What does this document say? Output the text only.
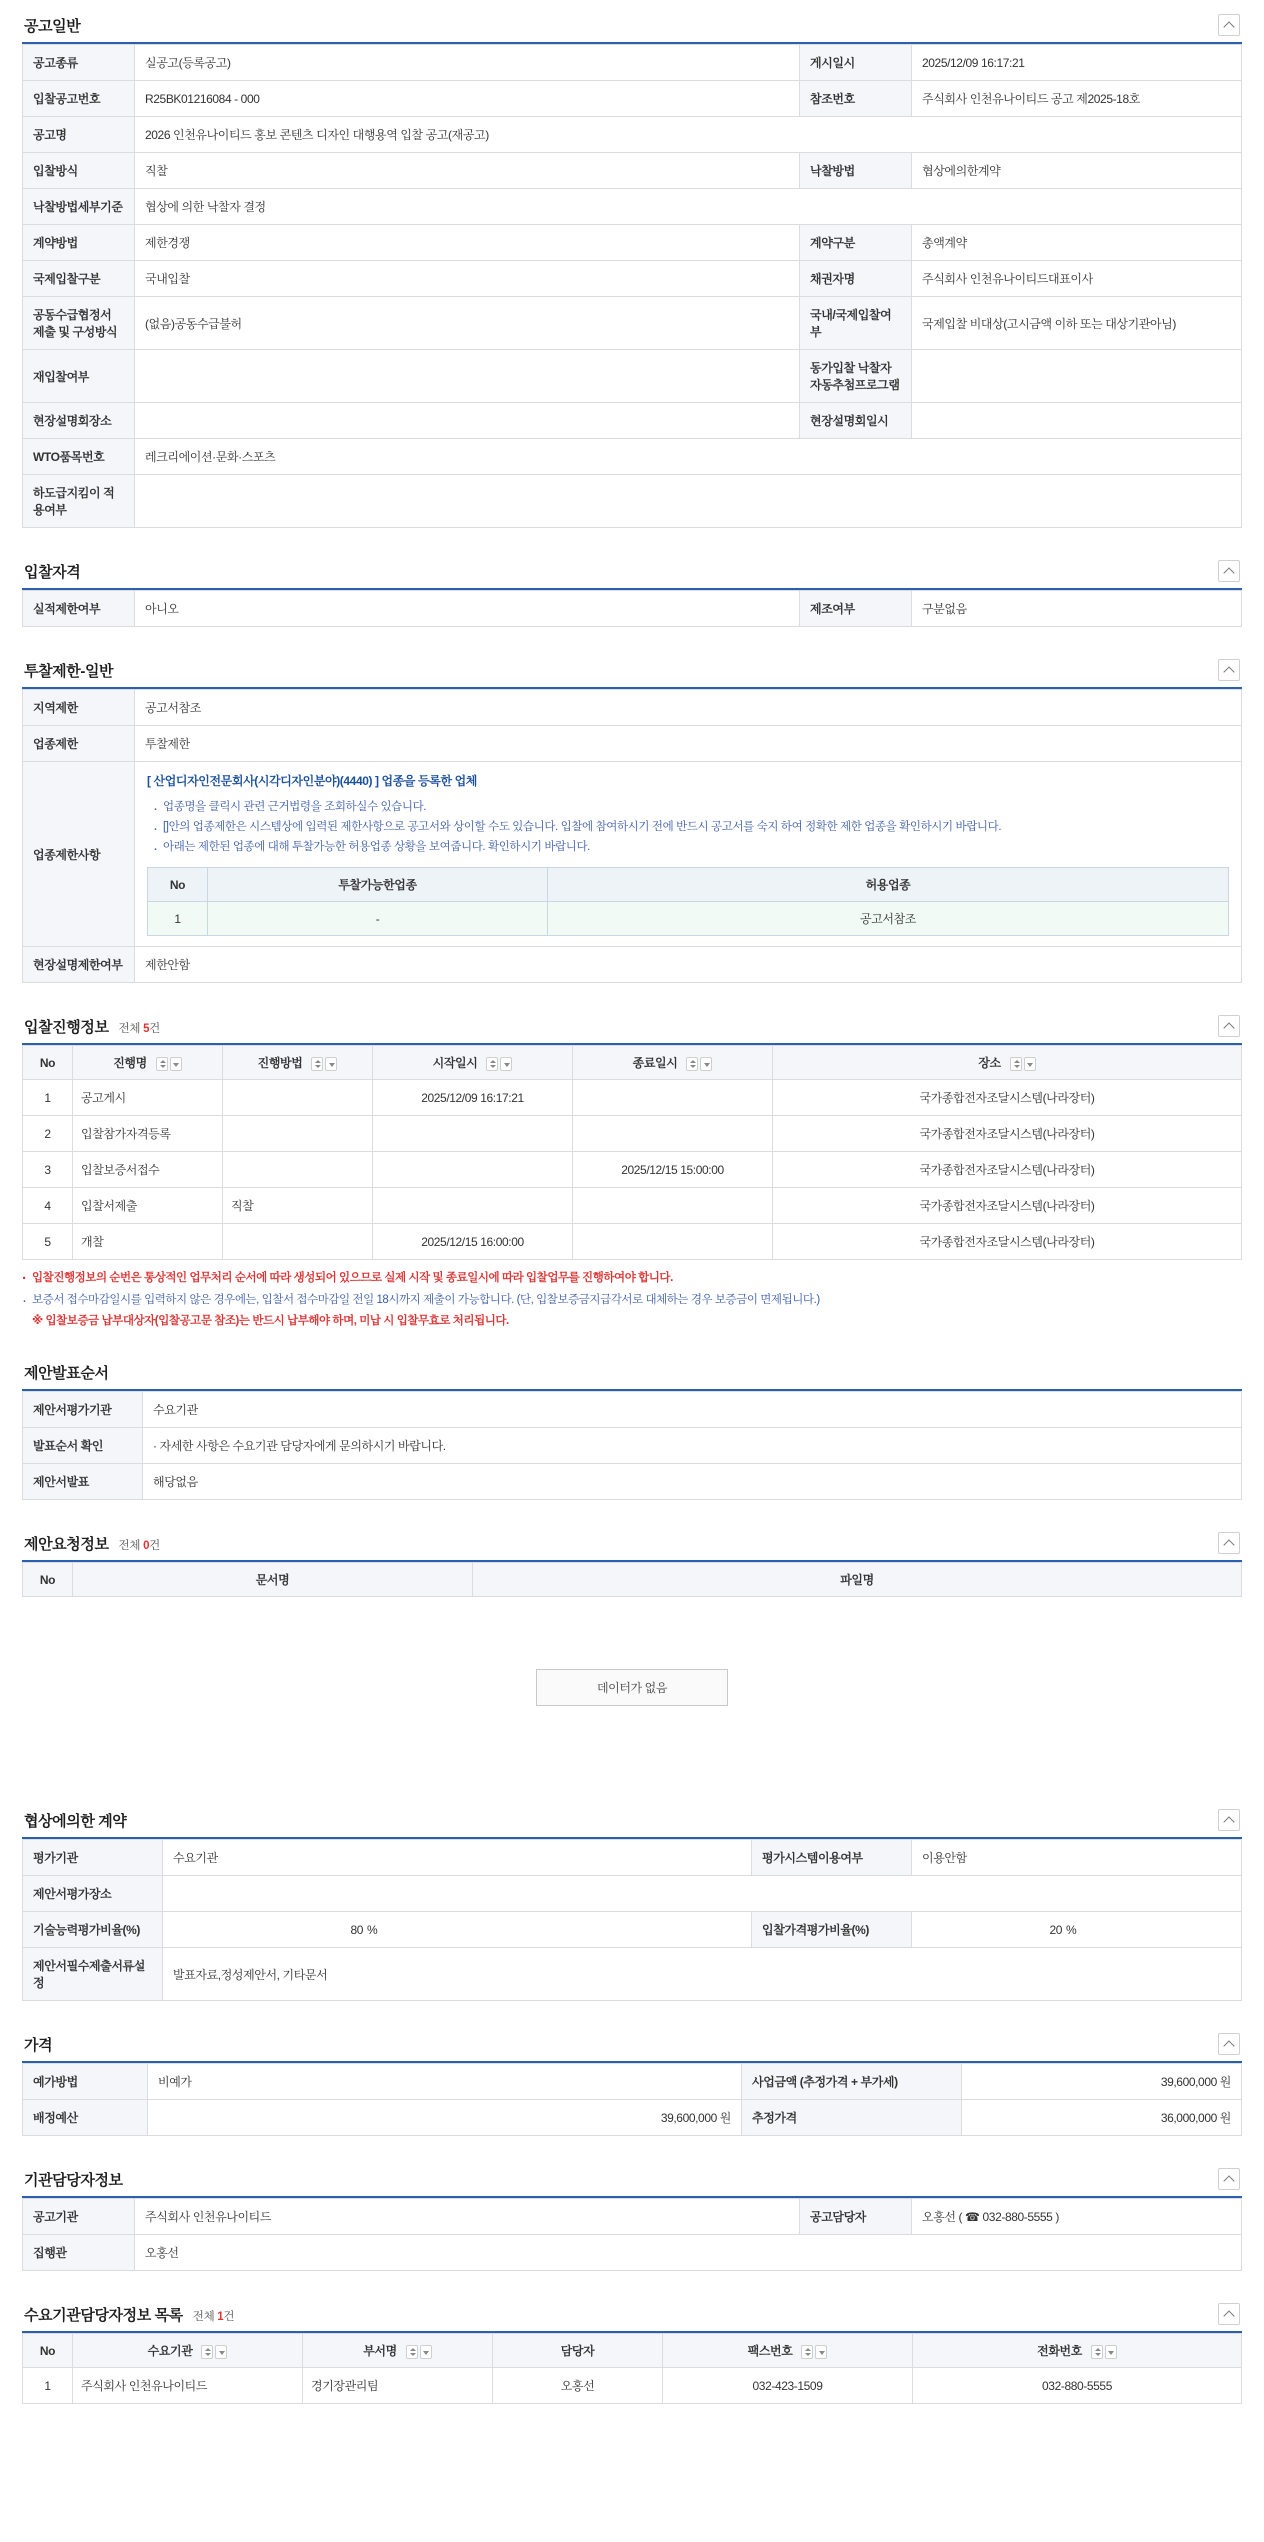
공고일반
공고종류	실공고(등록공고)	게시일시	2025/12/09 16:17:21
입찰공고번호	R25BK01216084 - 000	참조번호	주식회사 인천유나이티드 공고 제2025-18호
공고명	2026 인천유나이티드 홍보 콘텐츠 디자인 대행용역 입찰 공고(재공고)		
입찰방식	직찰	낙찰방법	협상에의한계약
낙찰방법세부기준	협상에 의한 낙찰자 결정		
계약방법	제한경쟁	계약구분	총액계약
국제입찰구분	국내입찰	채권자명	주식회사 인천유나이티드대표이사
공동수급협정서 제출 및 구성방식	(없음)공동수급불허	국내/국제입찰여부	국제입찰 비대상(고시금액 이하 또는 대상기관아님)
재입찰여부		동가입찰 낙찰자 자동추첨프로그램	
현장설명회장소		현장설명회일시	
WTO품목번호	레크리에이션·문화·스포츠		
하도급지킴이 적용여부			
입찰자격
실적제한여부	아니오	제조여부	구분없음
투찰제한-일반
지역제한	공고서참조
업종제한	투찰제한
업종제한사항	
[ 산업디자인전문회사(시각디자인분야)(4440) ] 업종을 등록한 업체
· 업종명을 클릭시 관련 근거법령을 조회하실수 있습니다.
· []안의 업종제한은 시스템상에 입력된 제한사항으로 공고서와 상이할 수도 있습니다. 입찰에 참여하시기 전에 반드시 공고서를 숙지 하여 정확한 제한 업종을 확인하시기 바랍니다.
· 아래는 제한된 업종에 대해 투찰가능한 허용업종 상황을 보여줍니다. 확인하시기 바랍니다.
No	투찰가능한업종	허용업종
1	-	공고서참조

현장설명제한여부	제한안함
입찰진행정보 전체 5건
No	진행명	진행방법	시작일시	종료일시	장소

1	공고게시		2025/12/09 16:17:21		국가종합전자조달시스템(나라장터)
2	입찰참가자격등록				국가종합전자조달시스템(나라장터)
3	입찰보증서접수			2025/12/15 15:00:00	국가종합전자조달시스템(나라장터)
4	입찰서제출	직찰			국가종합전자조달시스템(나라장터)
5	개찰		2025/12/15 16:00:00		국가종합전자조달시스템(나라장터)

· 입찰진행정보의 순번은 통상적인 업무처리 순서에 따라 생성되어 있으므로 실제 시작 및 종료일시에 따라 입찰업무를 진행하여야 합니다.

· 보증서 접수마감일시를 입력하지 않은 경우에는, 입찰서 접수마감일 전일 18시까지 제출이 가능합니다. (단, 입찰보증금지급각서로 대체하는 경우 보증금이 면제됩니다.)

※ 입찰보증금 납부대상자(입찰공고문 참조)는 반드시 납부해야 하며, 미납 시 입찰무효로 처리됩니다.

제안발표순서
제안서평가기관	수요기관
발표순서 확인	· 자세한 사항은 수요기관 담당자에게 문의하시기 바랍니다.
제안서발표	해당없음
제안요청정보 전체 0건
No	문서명	파일명
데이터가 없음
협상에의한 계약
평가기관	수요기관	평가시스템이용여부	이용안함
제안서평가장소			
기술능력평가비율(%)	80 %	입찰가격평가비율(%)	20 %
제안서필수제출서류설정	발표자료,정성제안서, 기타문서		
가격
예가방법	비예가	사업금액 (추정가격 + 부가세)	39,600,000 원
배정예산	39,600,000 원	추정가격	36,000,000 원
기관담당자정보
공고기관	주식회사 인천유나이티드	공고담당자	오홍선 ( ☎ 032-880-5555 )
집행관	오홍선		
수요기관담당자정보 목록 전체 1건
No	수요기관	부서명	담당자	팩스번호	전화번호

1	주식회사 인천유나이티드	경기장관리팀	오홍선	032-423-1509	032-880-5555
